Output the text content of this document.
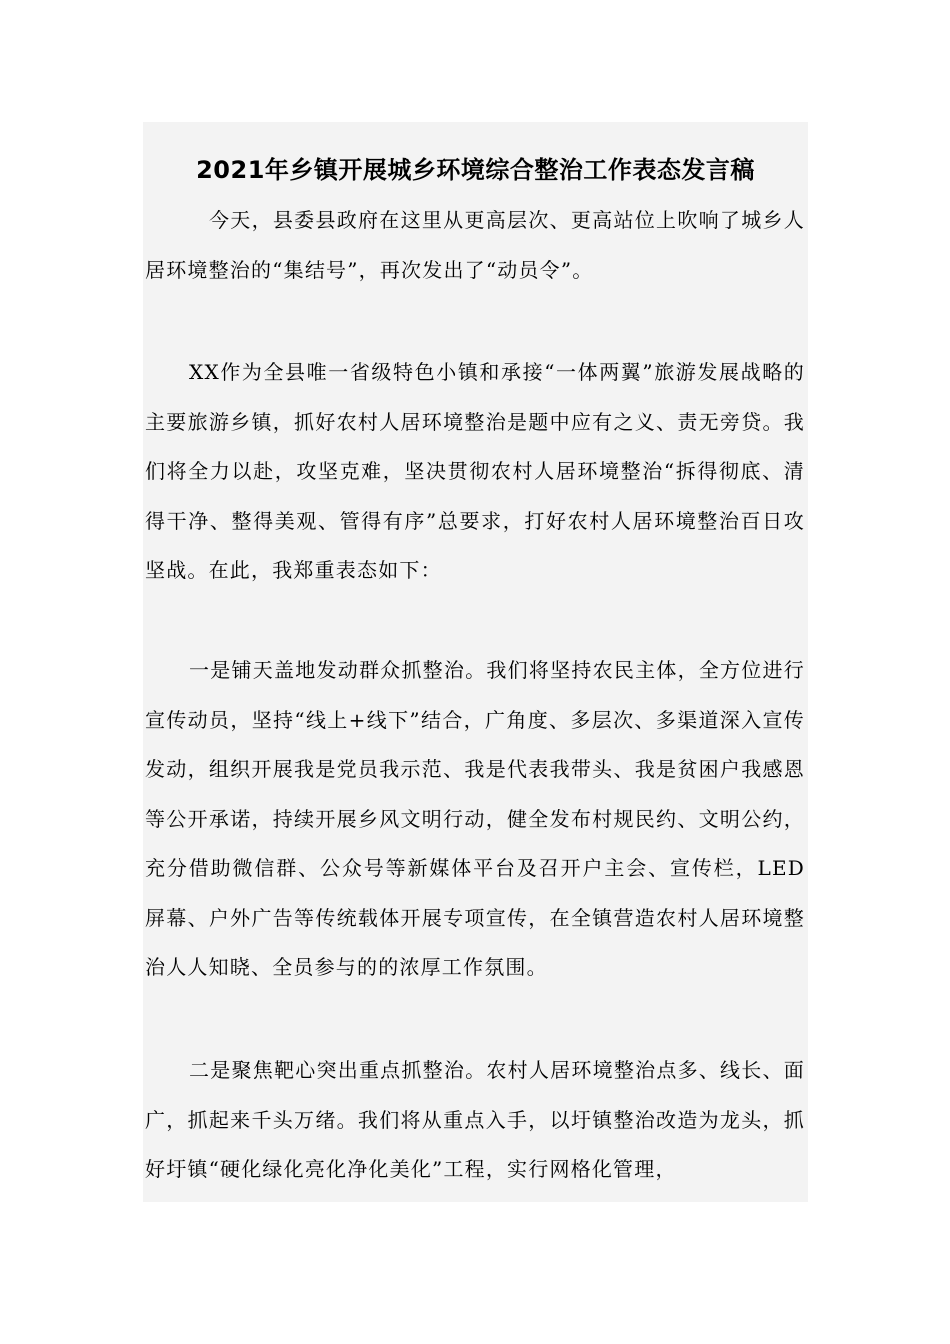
2021年乡镇开展城乡环境综合整治工作表态发言稿

今天，县委县政府在这里从更高层次、更高站位上吹响了城乡人居环境整治的“集结号”，再次发出了“动员令”。

XX作为全县唯一省级特色小镇和承接“一体两翼”旅游发展战略的主要旅游乡镇，抓好农村人居环境整治是题中应有之义、责无旁贷。我们将全力以赴，攻坚克难，坚决贯彻农村人居环境整治“拆得彻底、清得干净、整得美观、管得有序”总要求，打好农村人居环境整治百日攻坚战。在此，我郑重表态如下：

一是铺天盖地发动群众抓整治。我们将坚持农民主体，全方位进行宣传动员，坚持“线上+线下”结合，广角度、多层次、多渠道深入宣传发动，组织开展我是党员我示范、我是代表我带头、我是贫困户我感恩等公开承诺，持续开展乡风文明行动，健全发布村规民约、文明公约，充分借助微信群、公众号等新媒体平台及召开户主会、宣传栏，LED屏幕、户外广告等传统载体开展专项宣传，在全镇营造农村人居环境整治人人知晓、全员参与的的浓厚工作氛围。

二是聚焦靶心突出重点抓整治。农村人居环境整治点多、线长、面广，抓起来千头万绪。我们将从重点入手，以圩镇整治改造为龙头，抓好圩镇“硬化绿化亮化净化美化”工程，实行网格化管理，
